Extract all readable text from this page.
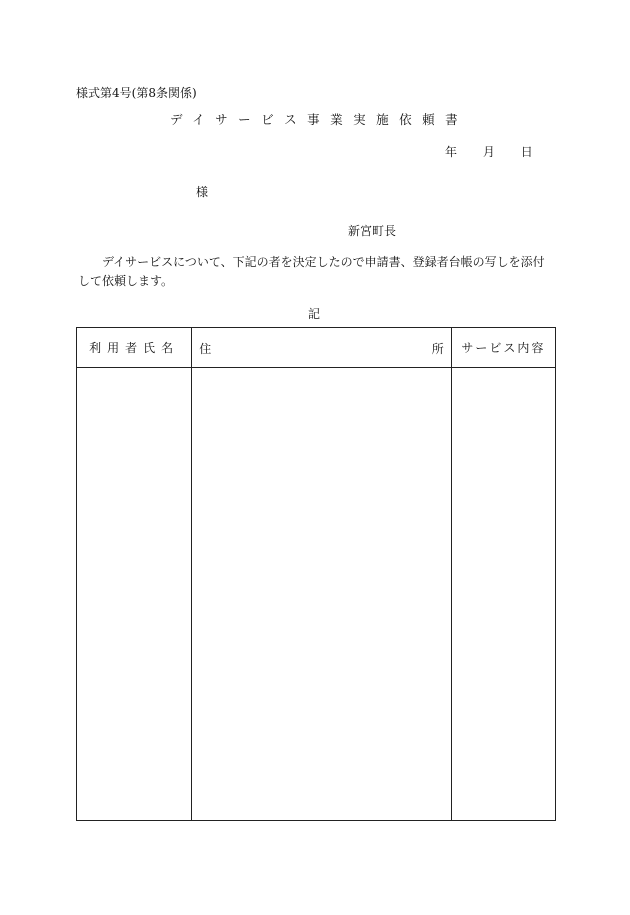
様式第4号(第8条関係)
デイサービス事業実施依頼書
年 月 日
様
新宮町長

デイサービスについて、下記の者を決定したので申請書、登録者台帳の写しを添付して依頼します。

記
利用者氏名	住 所	サービス内容
